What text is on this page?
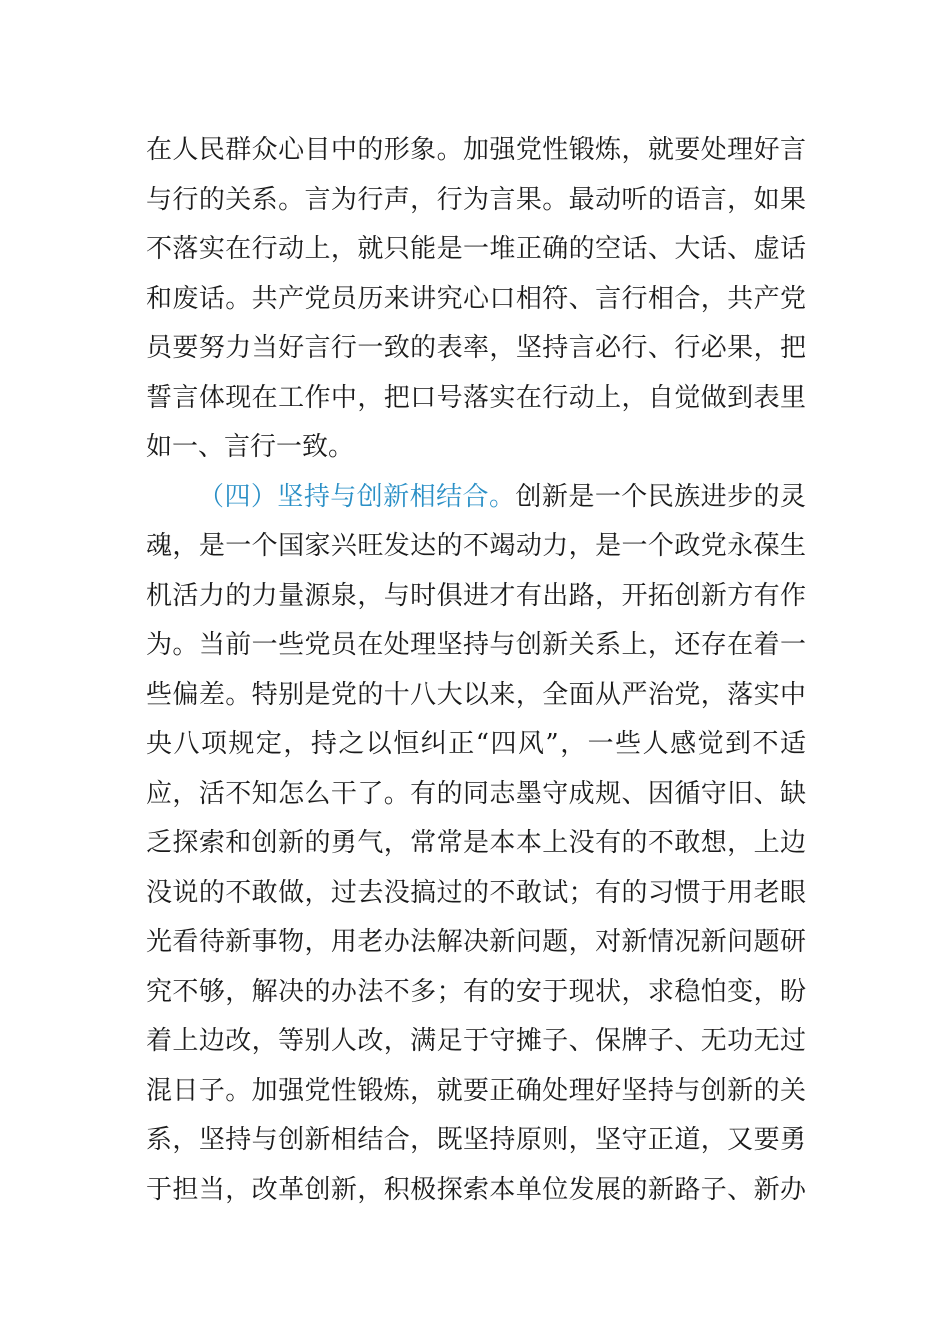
在人民群众心目中的形象。加强党性锻炼，就要处理好言
与行的关系。言为行声，行为言果。最动听的语言，如果
不落实在行动上，就只能是一堆正确的空话、大话、虚话
和废话。共产党员历来讲究心口相符、言行相合，共产党
员要努力当好言行一致的表率，坚持言必行、行必果，把
誓言体现在工作中，把口号落实在行动上，自觉做到表里
如一、言行一致。
（四）坚持与创新相结合。创新是一个民族进步的灵
魂，是一个国家兴旺发达的不竭动力，是一个政党永葆生
机活力的力量源泉，与时俱进才有出路，开拓创新方有作
为。当前一些党员在处理坚持与创新关系上，还存在着一
些偏差。特别是党的十八大以来，全面从严治党，落实中
央八项规定，持之以恒纠正“四风”，一些人感觉到不适
应，活不知怎么干了。有的同志墨守成规、因循守旧、缺
乏探索和创新的勇气，常常是本本上没有的不敢想，上边
没说的不敢做，过去没搞过的不敢试；有的习惯于用老眼
光看待新事物，用老办法解决新问题，对新情况新问题研
究不够，解决的办法不多；有的安于现状，求稳怕变，盼
着上边改，等别人改，满足于守摊子、保牌子、无功无过
混日子。加强党性锻炼，就要正确处理好坚持与创新的关
系，坚持与创新相结合，既坚持原则，坚守正道，又要勇
于担当，改革创新，积极探索本单位发展的新路子、新办
